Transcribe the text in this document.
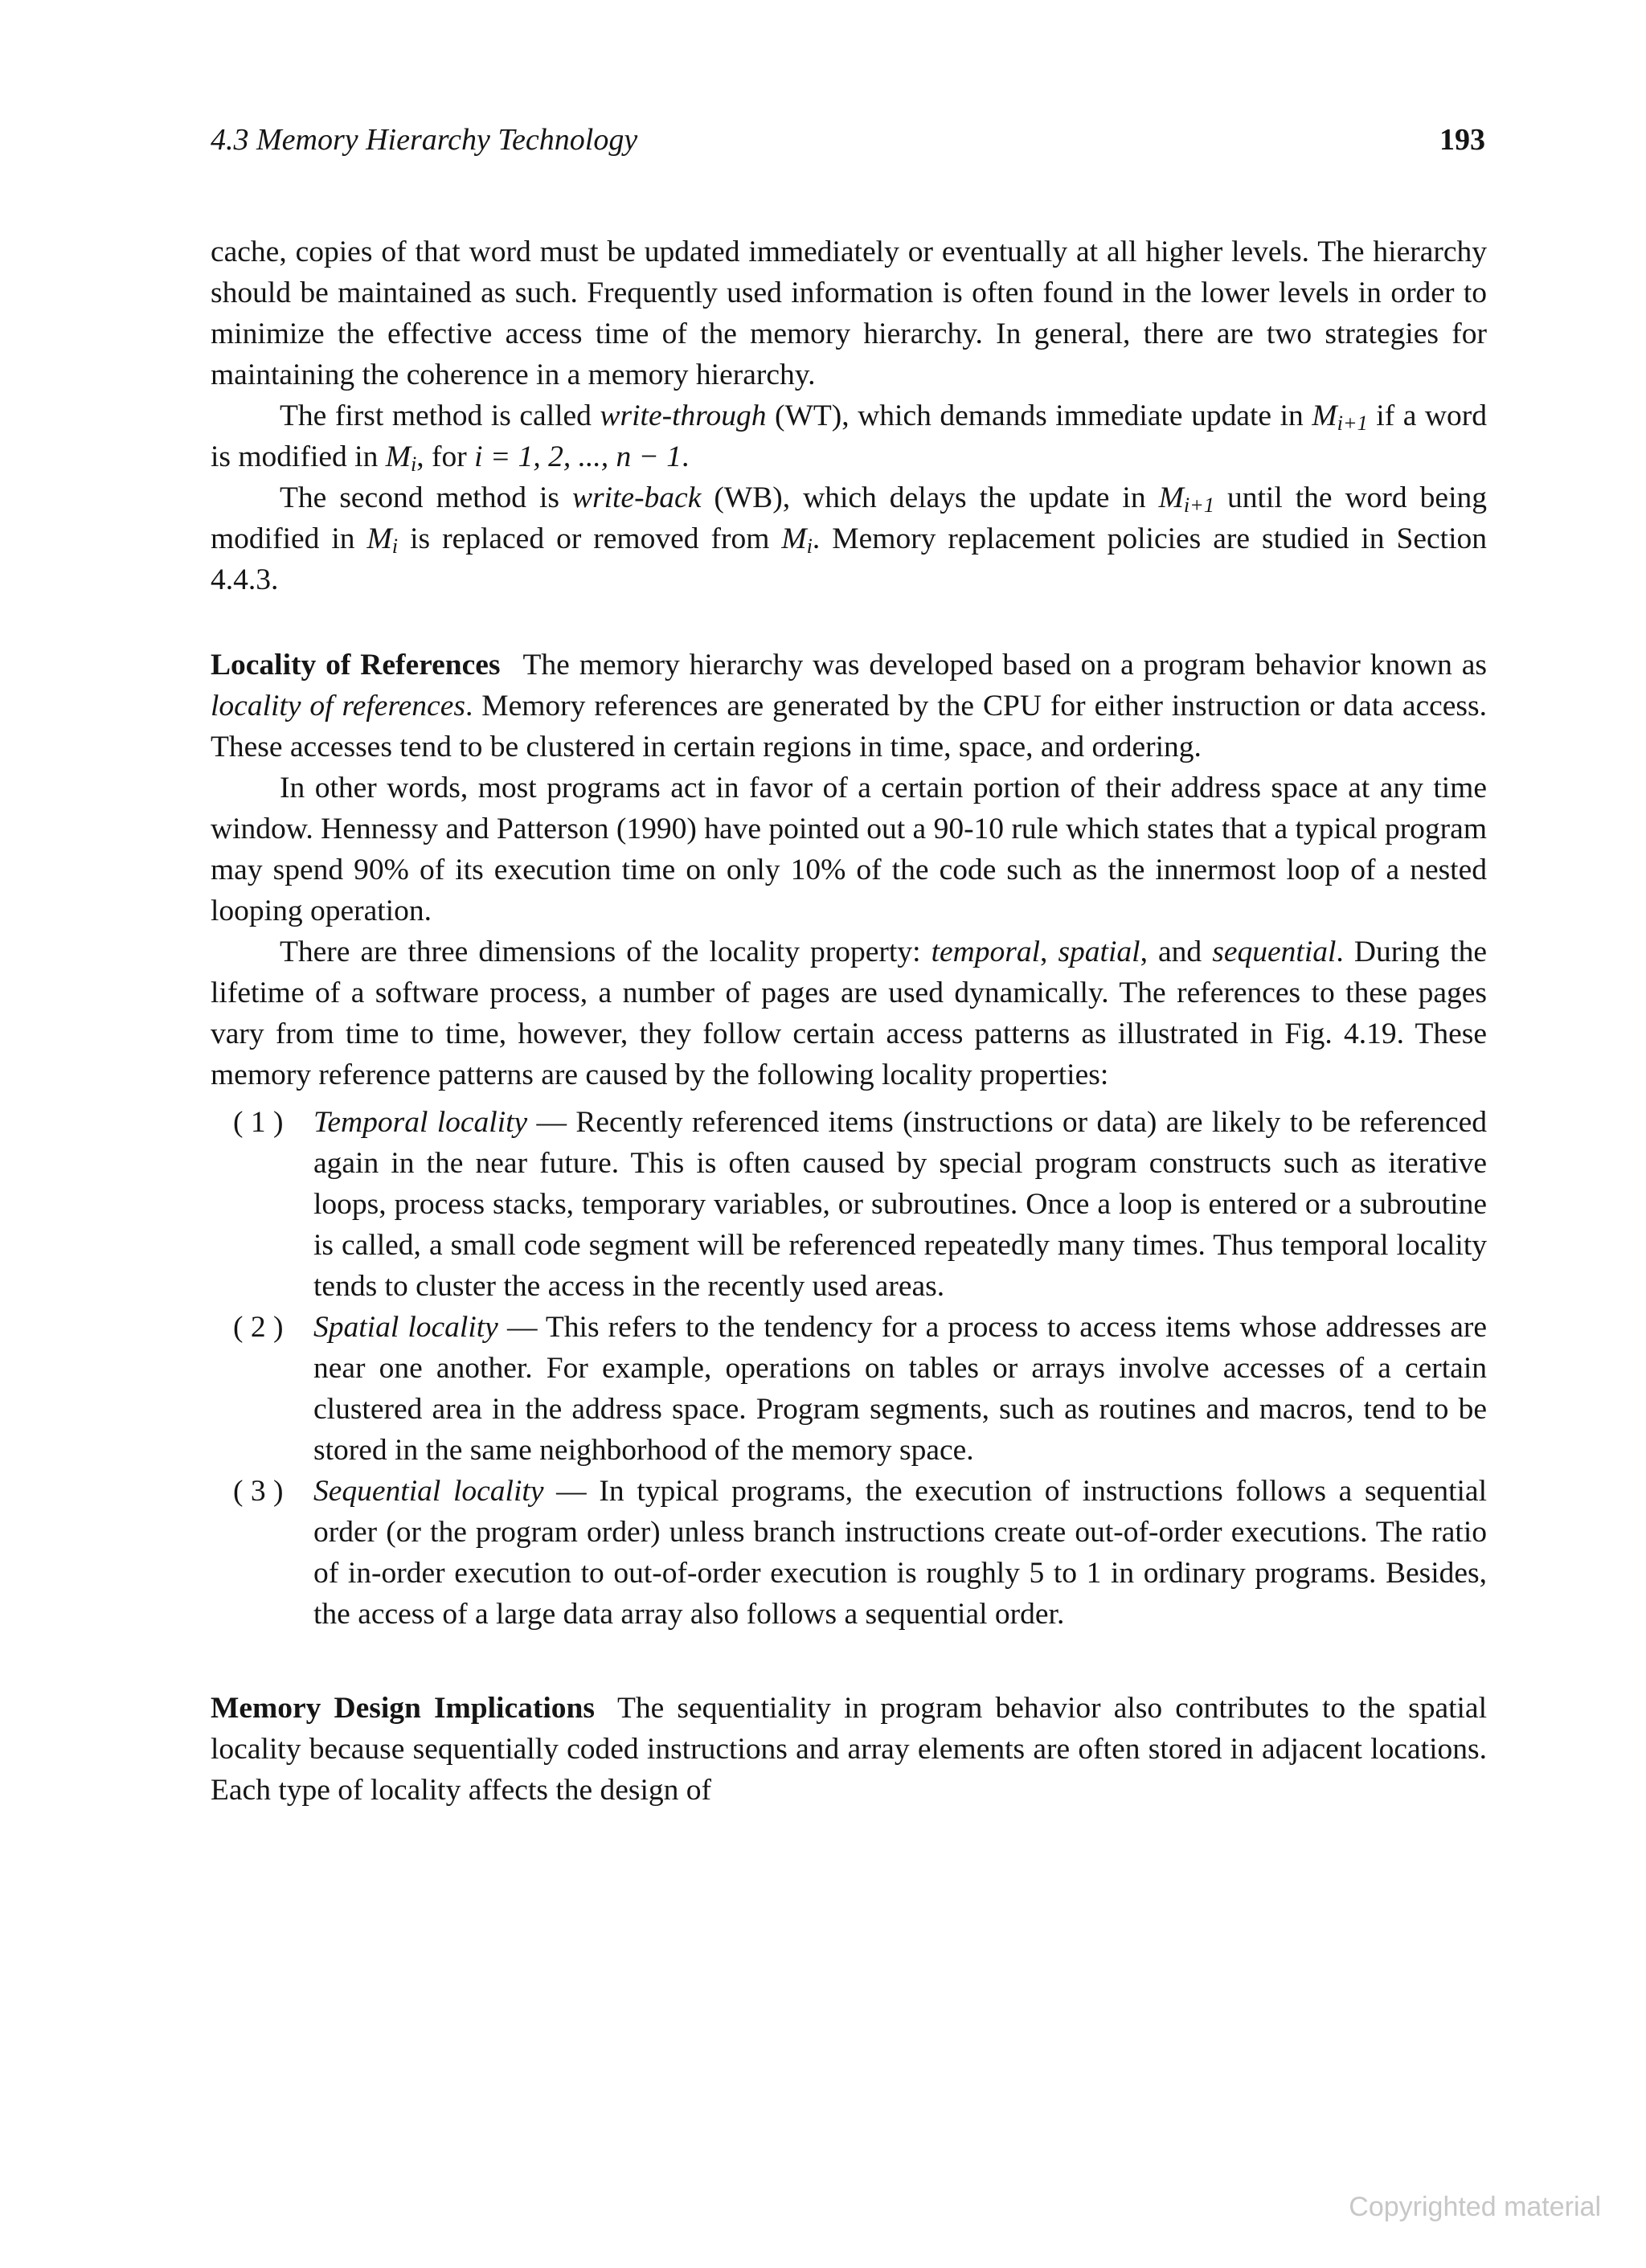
4.3 Memory Hierarchy Technology	193

cache, copies of that word must be updated immediately or eventually at all higher levels. The hierarchy should be maintained as such. Frequently used information is often found in the lower levels in order to minimize the effective access time of the memory hierarchy. In general, there are two strategies for maintaining the coherence in a memory hierarchy.

The first method is called write-through (WT), which demands immediate update in $M_{i+1}$ if a word is modified in $M_i$, for i = 1, 2, ..., n − 1.

The second method is write-back (WB), which delays the update in $M_{i+1}$ until the word being modified in $M_i$ is replaced or removed from $M_i$. Memory replacement policies are studied in Section 4.4.3.

Locality of References The memory hierarchy was developed based on a program behavior known as locality of references. Memory references are generated by the CPU for either instruction or data access. These accesses tend to be clustered in certain regions in time, space, and ordering.

In other words, most programs act in favor of a certain portion of their address space at any time window. Hennessy and Patterson (1990) have pointed out a 90-10 rule which states that a typical program may spend 90% of its execution time on only 10% of the code such as the innermost loop of a nested looping operation.

There are three dimensions of the locality property: temporal, spatial, and sequential. During the lifetime of a software process, a number of pages are used dynamically. The references to these pages vary from time to time, however, they follow certain access patterns as illustrated in Fig. 4.19. These memory reference patterns are caused by the following locality properties:

( 1 ) Temporal locality — Recently referenced items (instructions or data) are likely to be referenced again in the near future. This is often caused by special program constructs such as iterative loops, process stacks, temporary variables, or subroutines. Once a loop is entered or a subroutine is called, a small code segment will be referenced repeatedly many times. Thus temporal locality tends to cluster the access in the recently used areas.
( 2 ) Spatial locality — This refers to the tendency for a process to access items whose addresses are near one another. For example, operations on tables or arrays involve accesses of a certain clustered area in the address space. Program segments, such as routines and macros, tend to be stored in the same neighborhood of the memory space.
( 3 ) Sequential locality — In typical programs, the execution of instructions follows a sequential order (or the program order) unless branch instructions create out-of-order executions. The ratio of in-order execution to out-of-order execution is roughly 5 to 1 in ordinary programs. Besides, the access of a large data array also follows a sequential order.

Memory Design Implications The sequentiality in program behavior also contributes to the spatial locality because sequentially coded instructions and array elements are often stored in adjacent locations. Each type of locality affects the design of

Copyrighted material
